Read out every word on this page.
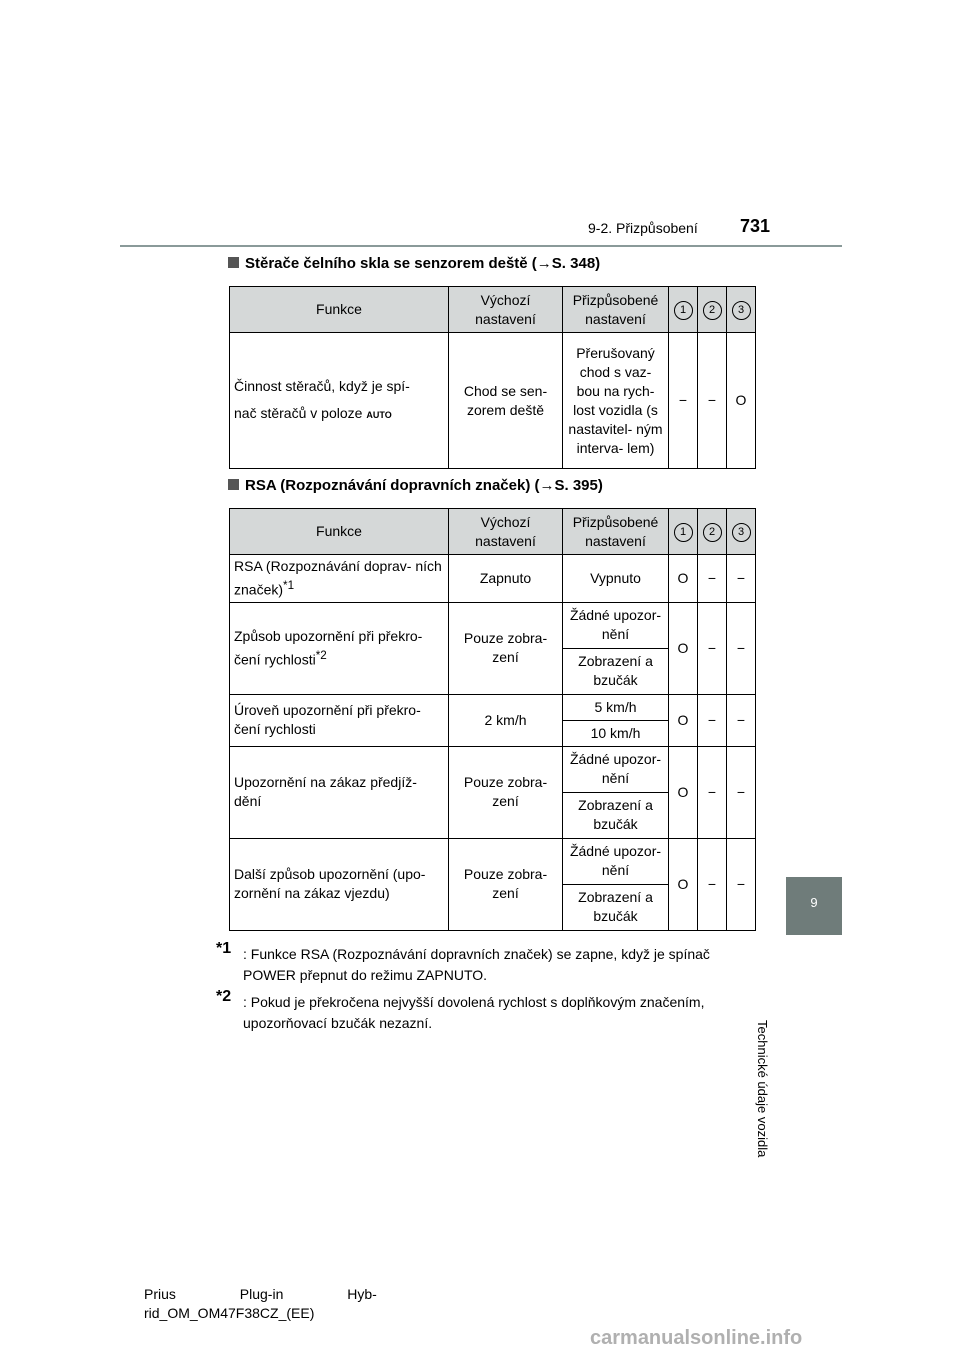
9-2. Přizpůsobení 731
9
Technické údaje vozidla
Stěrače čelního skla se senzorem deště (→S. 348)
Funkce	Výchozí nastavení	Přizpůsobené nastavení	1	2	3

Činnost stěračů, když je spí-
nač stěračů v poloze AUTO	Chod se sen- zorem deště	Přerušovaný chod s vaz- bou na rych- lost vozidla (s nastavitel- ným interva- lem)	−	−	O
RSA (Rozpoznávání dopravních značek) (→S. 395)
Funkce	Výchozí nastavení	Přizpůsobené nastavení	1	2	3
RSA (Rozpoznávání doprav- ních značek)$^{*1}$	Zapnuto	Vypnuto	O	−	−
Způsob upozornění při překro- čení rychlosti$^{*2}$	Pouze zobra- zení	Žádné upozor- nění	O	−	−
		Zobrazení a bzučák			
Úroveň upozornění při překro- čení rychlosti	2 km/h	5 km/h	O	−	−
		10 km/h			
Upozornění na zákaz předjíž- dění	Pouze zobra- zení	Žádné upozor- nění	O	−	−
		Zobrazení a bzučák			
Další způsob upozornění (upo- zornění na zákaz vjezdu)	Pouze zobra- zení	Žádné upozor- nění	O	−	−
		Zobrazení a bzučák			
$^{*1}$ : Funkce RSA (Rozpoznávání dopravních značek) se zapne, když je spínač POWER přepnut do režimu ZAPNUTO.
$^{*2}$ : Pokud je překročena nejvyšší dovolená rychlost s doplňkovým značením, upozorňovací bzučák nezazní.
Prius Plug-in Hyb-
rid_OM_OM47F38CZ_(EE)
carmanualsonline.info
